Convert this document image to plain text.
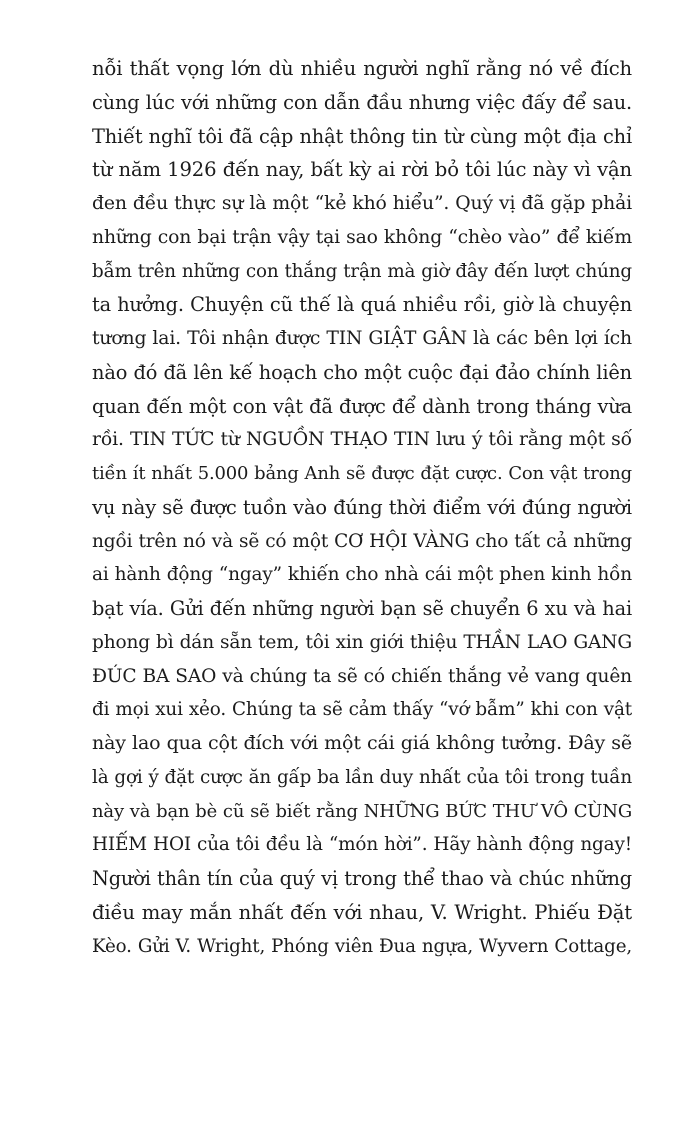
nỗi thất vọng lớn dù nhiều người nghĩ rằng nó về đích
cùng lúc với những con dẫn đầu nhưng việc đấy để sau.
Thiết nghĩ tôi đã cập nhật thông tin từ cùng một địa chỉ
từ năm 1926 đến nay, bất kỳ ai rời bỏ tôi lúc này vì vận
đen đều thực sự là một “kẻ khó hiểu”. Quý vị đã gặp phải
những con bại trận vậy tại sao không “chèo vào” để kiếm
bẫm trên những con thắng trận mà giờ đây đến lượt chúng
ta hưởng. Chuyện cũ thế là quá nhiều rồi, giờ là chuyện
tương lai. Tôi nhận được TIN GIẬT GÂN là các bên lợi ích
nào đó đã lên kế hoạch cho một cuộc đại đảo chính liên
quan đến một con vật đã được để dành trong tháng vừa
rồi. TIN TỨC từ NGUỒN THẠO TIN lưu ý tôi rằng một số
tiền ít nhất 5.000 bảng Anh sẽ được đặt cược. Con vật trong
vụ này sẽ được tuồn vào đúng thời điểm với đúng người
ngồi trên nó và sẽ có một CƠ HỘI VÀNG cho tất cả những
ai hành động “ngay” khiến cho nhà cái một phen kinh hồn
bạt vía. Gửi đến những người bạn sẽ chuyển 6 xu và hai
phong bì dán sẵn tem, tôi xin giới thiệu THẦN LAO GANG
ĐÚC BA SAO và chúng ta sẽ có chiến thắng vẻ vang quên
đi mọi xui xẻo. Chúng ta sẽ cảm thấy “vớ bẫm” khi con vật
này lao qua cột đích với một cái giá không tưởng. Đây sẽ
là gợi ý đặt cược ăn gấp ba lần duy nhất của tôi trong tuần
này và bạn bè cũ sẽ biết rằng NHỮNG BỨC THƯ VÔ CÙNG
HIẾM HOI của tôi đều là “món hời”. Hãy hành động ngay!
Người thân tín của quý vị trong thể thao và chúc những
điều may mắn nhất đến với nhau, V. Wright. Phiếu Đặt
Kèo. Gửi V. Wright, Phóng viên Đua ngựa, Wyvern Cottage,
